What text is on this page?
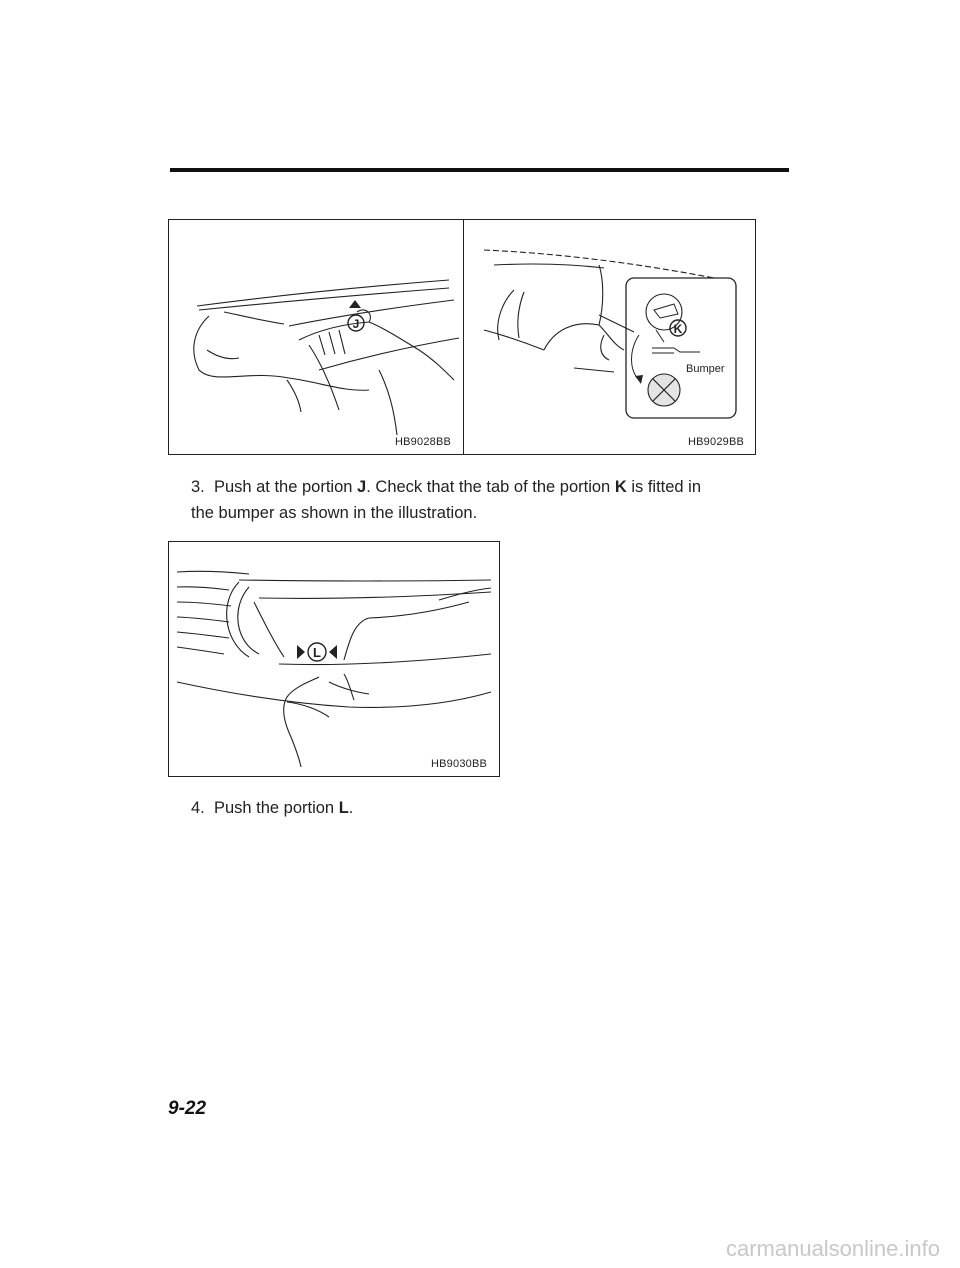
J
HB9028BB
K
Bumper
HB9029BB
3. Push at the portion J. Check that the tab of the portion K is fitted in
the bumper as shown in the illustration.
L
HB9030BB
4. Push the portion L.
9-22
carmanualsonline.info
